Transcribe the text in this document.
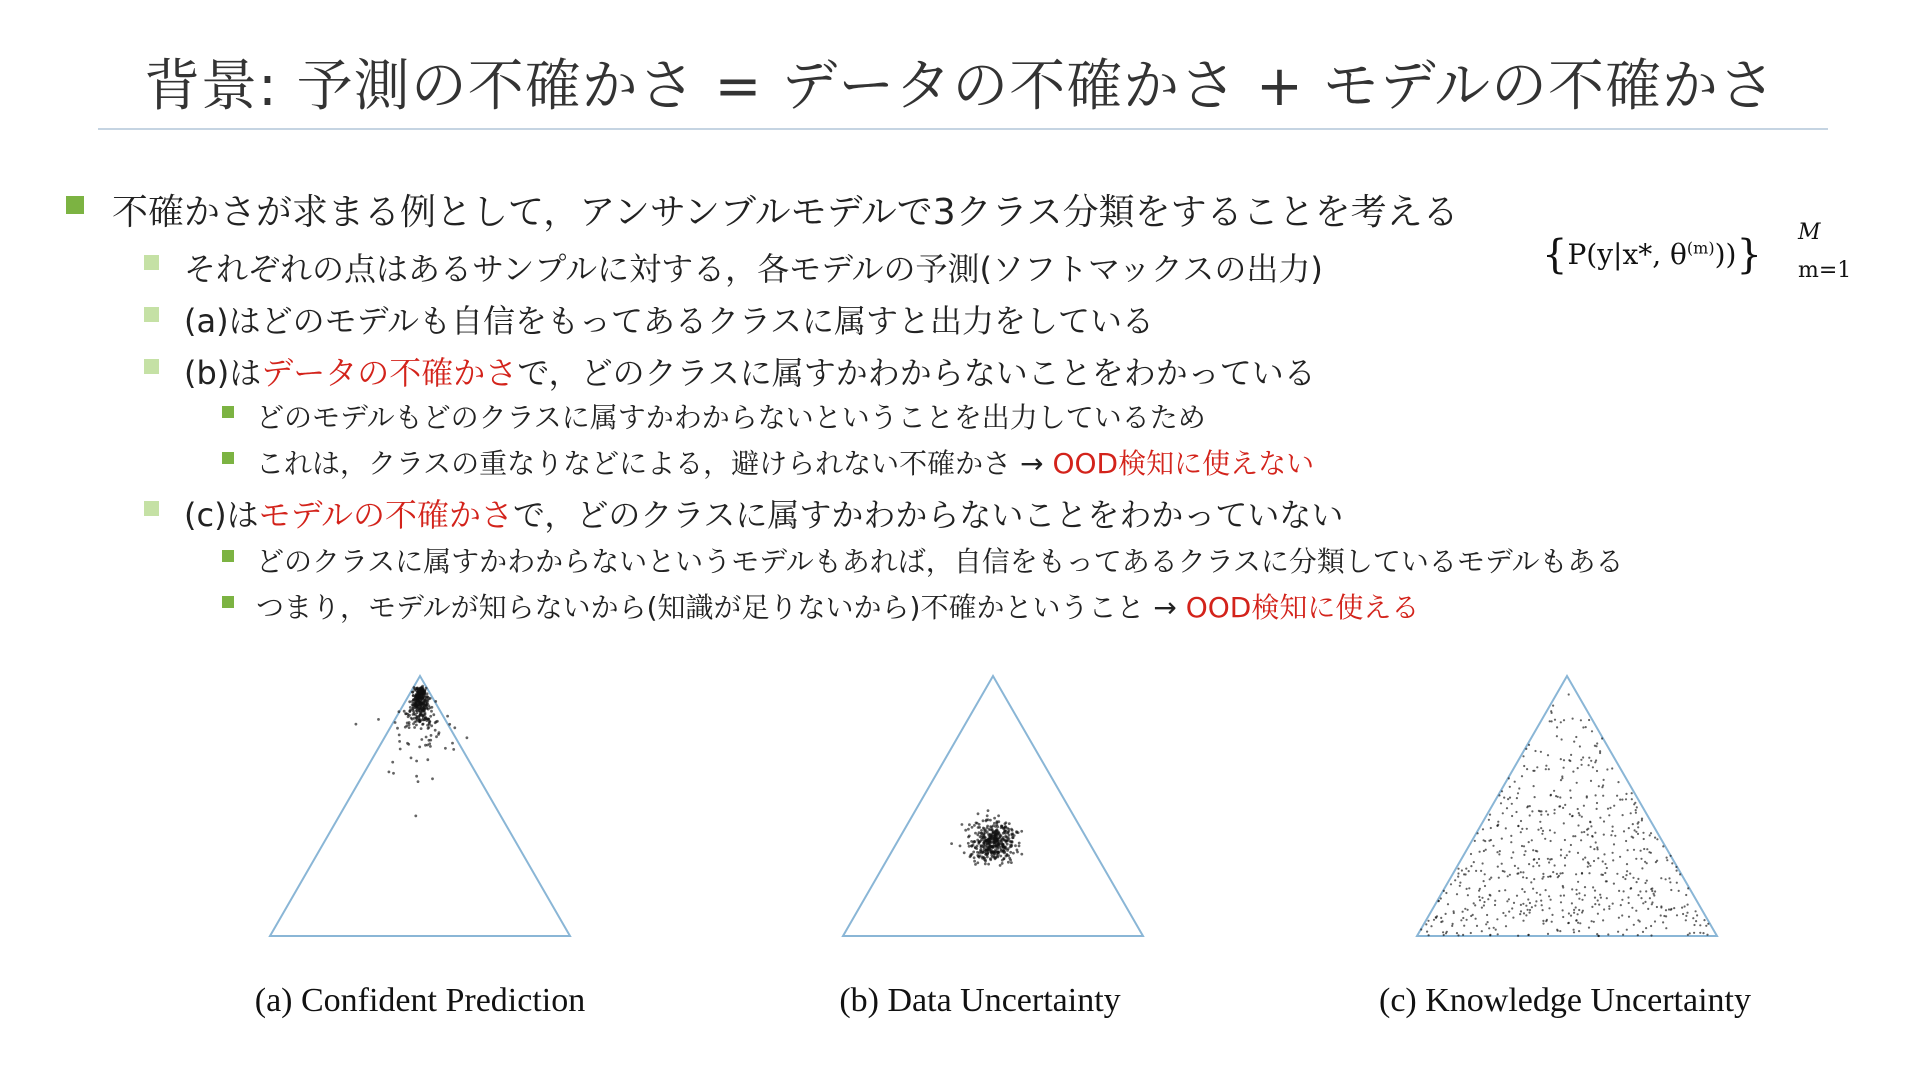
背景: 予測の不確かさ = データの不確かさ + モデルの不確かさ
不確かさが求まる例として，アンサンブルモデルで3クラス分類をすることを考える
それぞれの点はあるサンプルに対する，各モデルの予測(ソフトマックスの出力)	{P(y|x*, $\theta^{(m)}$))} M
m=1
(a)はどのモデルも自信をもってあるクラスに属すと出力をしている
(b)はデータの不確かさで，どのクラスに属すかわからないことをわかっている
どのモデルもどのクラスに属すかわからないということを出力しているため
これは，クラスの重なりなどによる，避けられない不確かさ → OOD検知に使えない
(c)はモデルの不確かさで，どのクラスに属すかわからないことをわかっていない
どのクラスに属すかわからないというモデルもあれば，自信をもってあるクラスに分類しているモデルもある
つまり，モデルが知らないから(知識が足りないから)不確かということ → OOD検知に使える
(a) Confident Prediction	(b) Data Uncertainty	(c) Knowledge Uncertainty
